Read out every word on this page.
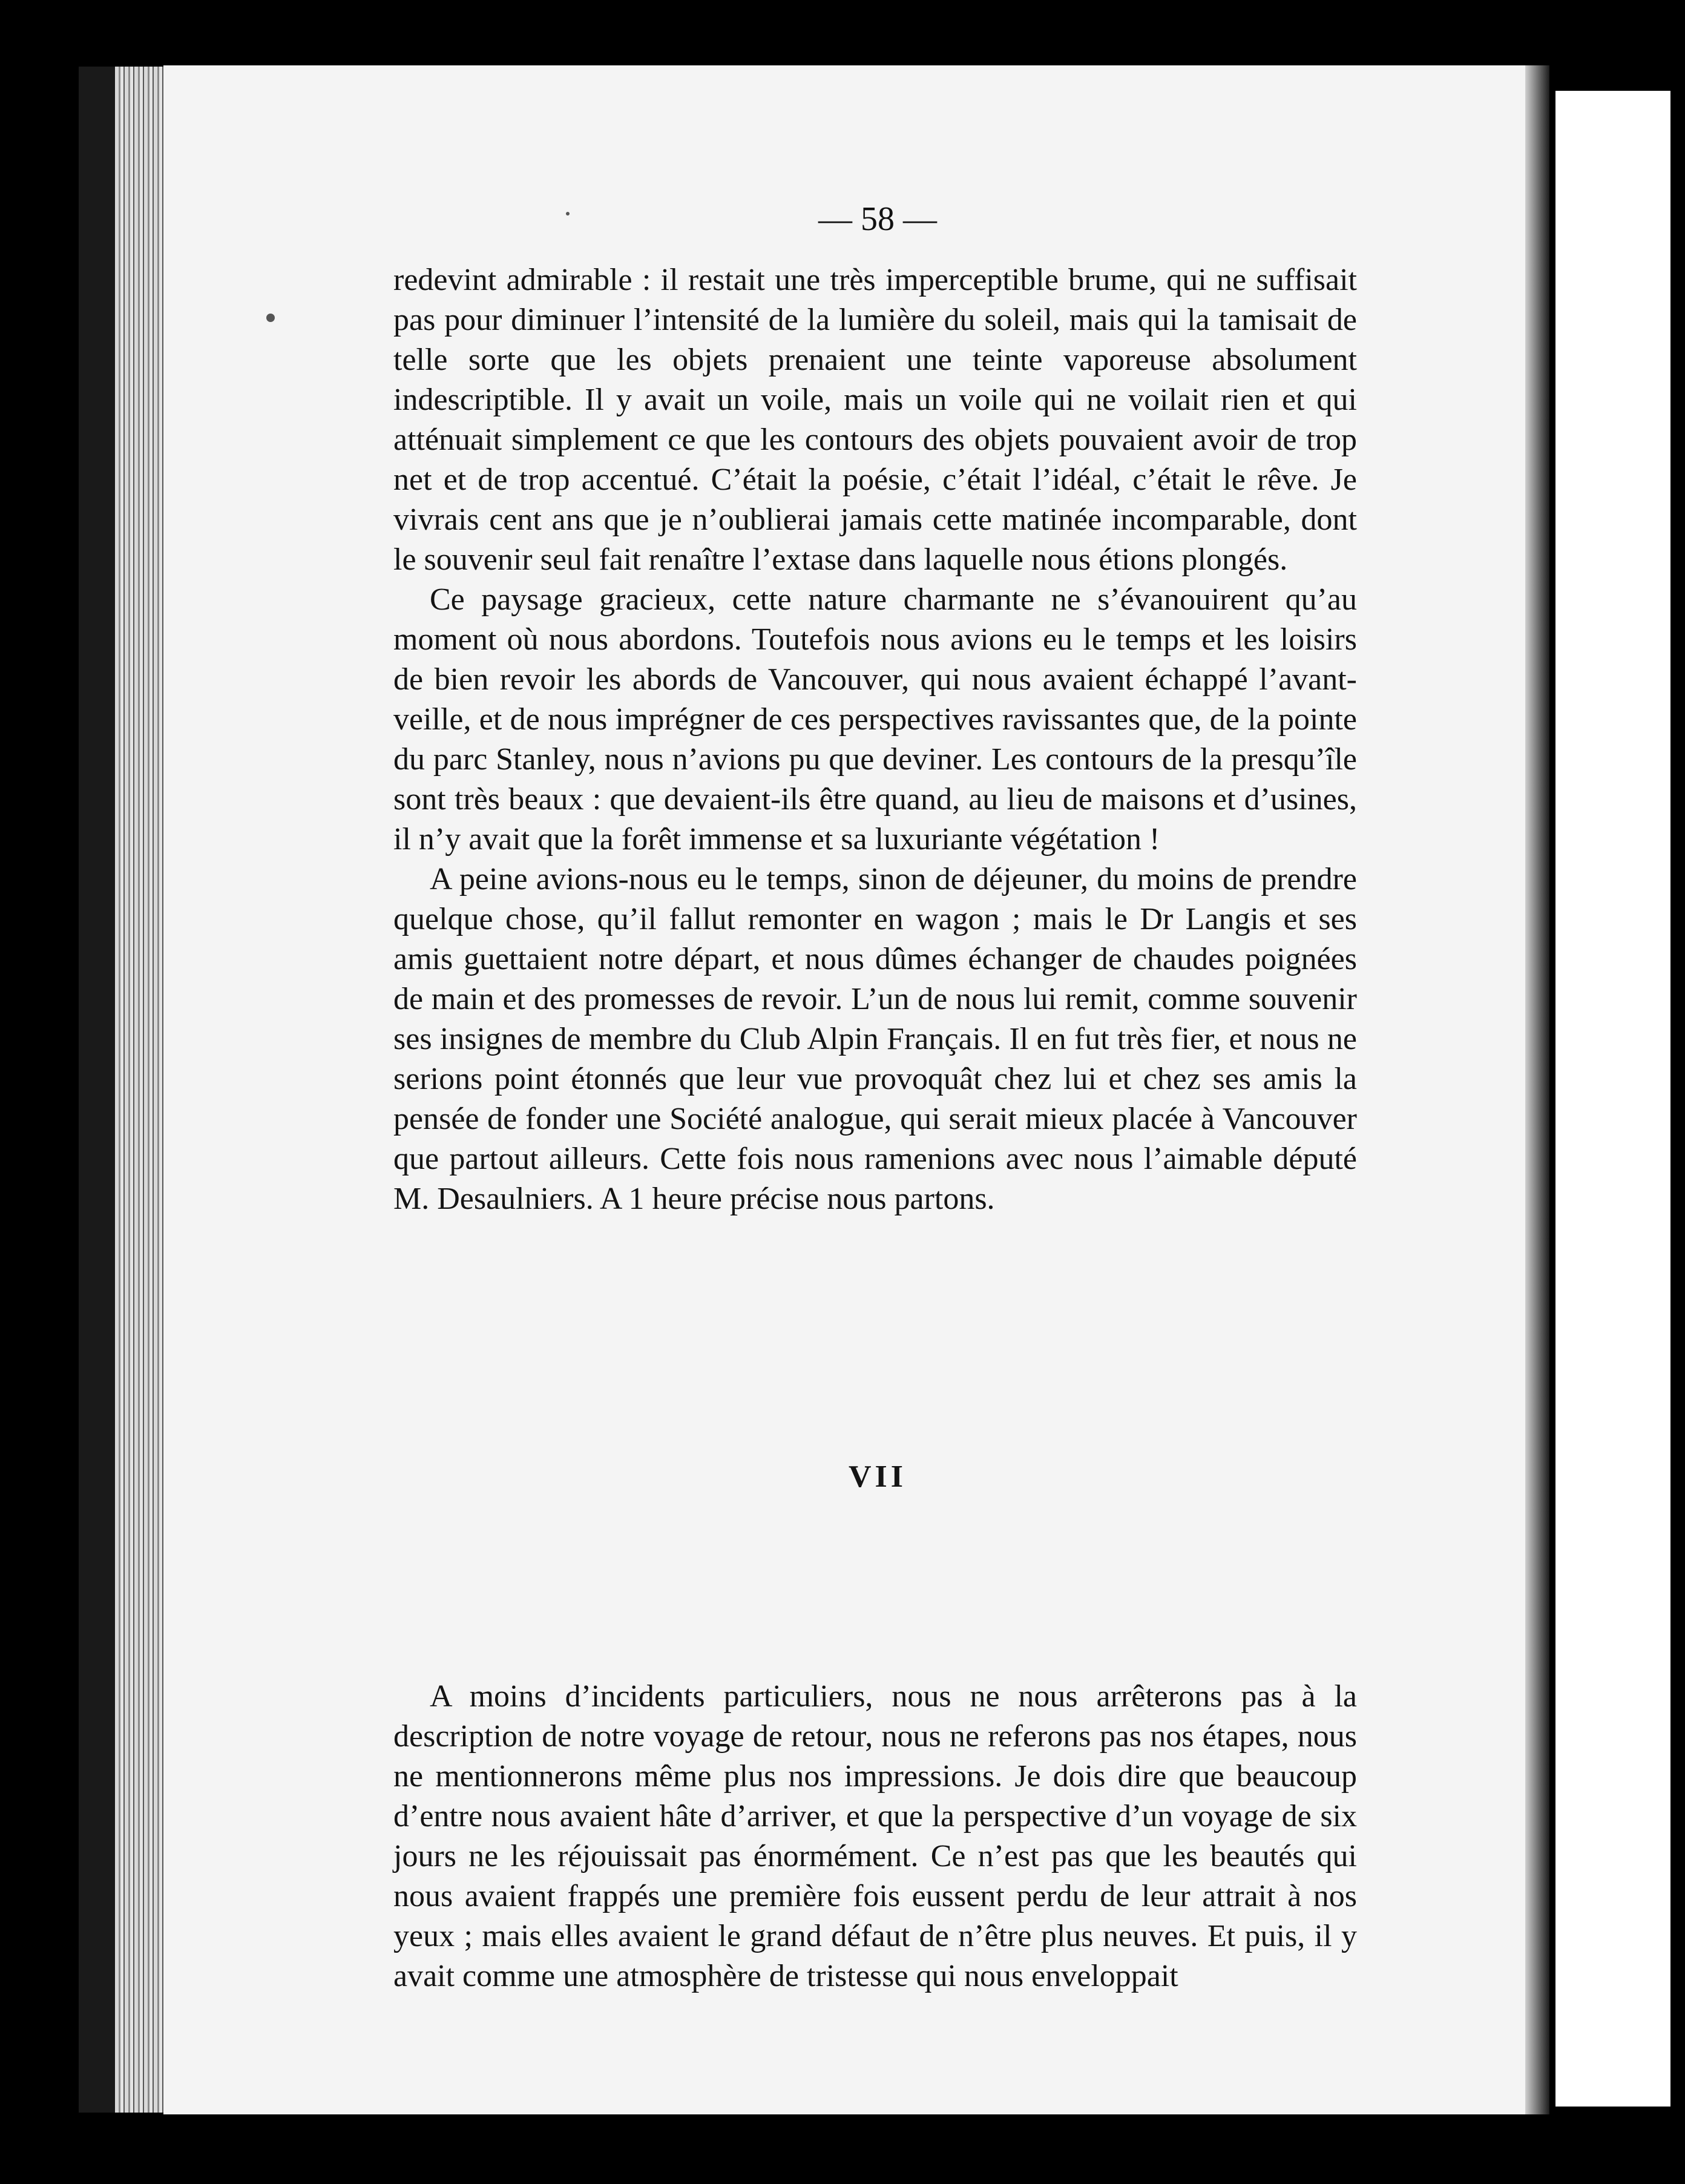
— 58 —

redevint admirable : il restait une très imperceptible brume, qui ne suffisait pas pour diminuer l’intensité de la lumière du soleil, mais qui la tamisait de telle sorte que les objets prenaient une teinte vaporeuse absolument indescriptible. Il y avait un voile, mais un voile qui ne voilait rien et qui atténuait simplement ce que les contours des objets pouvaient avoir de trop net et de trop accentué. C’était la poésie, c’était l’idéal, c’était le rêve. Je vivrais cent ans que je n’oublierai jamais cette matinée incomparable, dont le souvenir seul fait renaître l’extase dans laquelle nous étions plongés.

Ce paysage gracieux, cette nature charmante ne s’évanouirent qu’au moment où nous abordons. Toutefois nous avions eu le temps et les loisirs de bien revoir les abords de Vancouver, qui nous avaient échappé l’avant-veille, et de nous imprégner de ces perspectives ravissantes que, de la pointe du parc Stanley, nous n’avions pu que deviner. Les contours de la presqu’île sont très beaux : que devaient-ils être quand, au lieu de maisons et d’usines, il n’y avait que la forêt immense et sa luxuriante végétation !

A peine avions-nous eu le temps, sinon de déjeuner, du moins de prendre quelque chose, qu’il fallut remonter en wagon ; mais le Dr Langis et ses amis guettaient notre départ, et nous dûmes échanger de chaudes poignées de main et des promesses de revoir. L’un de nous lui remit, comme souvenir ses insignes de membre du Club Alpin Français. Il en fut très fier, et nous ne serions point étonnés que leur vue provoquât chez lui et chez ses amis la pensée de fonder une Société analogue, qui serait mieux placée à Vancouver que partout ailleurs. Cette fois nous ramenions avec nous l’aimable député M. Desaulniers. A 1 heure précise nous partons.

VII

A moins d’incidents particuliers, nous ne nous arrêterons pas à la description de notre voyage de retour, nous ne referons pas nos étapes, nous ne mentionnerons même plus nos impressions. Je dois dire que beaucoup d’entre nous avaient hâte d’arriver, et que la perspective d’un voyage de six jours ne les réjouissait pas énormément. Ce n’est pas que les beautés qui nous avaient frappés une première fois eussent perdu de leur attrait à nos yeux ; mais elles avaient le grand défaut de n’être plus neuves. Et puis, il y avait comme une atmosphère de tristesse qui nous enveloppait
